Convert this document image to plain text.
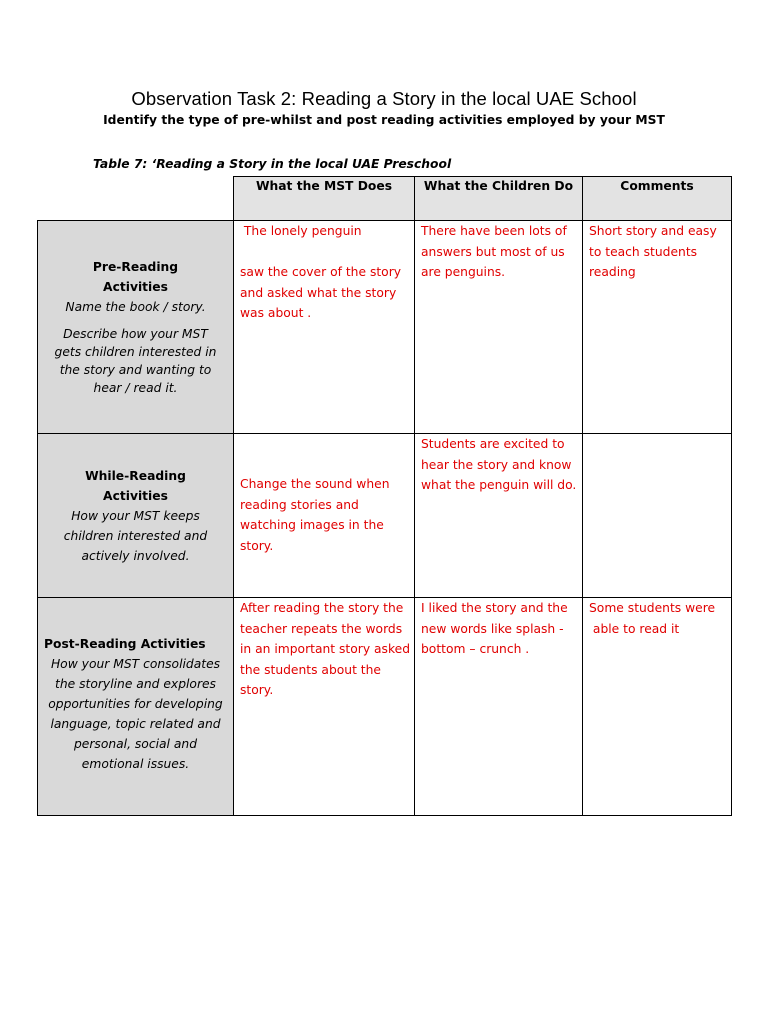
Observation Task 2: Reading a Story in the local UAE School
Identify the type of pre-whilst and post reading activities employed by your MST
Table 7: ‘Reading a Story in the local UAE Preschool
What the MST Does	What the Children Do	Comments
Pre-Reading
Activities
Name the book / story.
Describe how your MST gets children interested in the story and wanting to hear / read it.
The lonely penguin

saw the cover of the story and asked what the story was about .
There have been lots of answers but most of us are penguins.
Short story and easy to teach students reading
While-Reading
Activities
How your MST keeps children interested and actively involved.
Change the sound when reading stories and watching images in the story.
Students are excited to hear the story and know what the penguin will do.
Post-Reading Activities
How your MST consolidates the storyline and explores opportunities for developing language, topic related and personal, social and emotional issues.
After reading the story the teacher repeats the words in an important story asked the students about the story.
I liked the story and the new words like splash - bottom – crunch .
Some students were
able to read it
